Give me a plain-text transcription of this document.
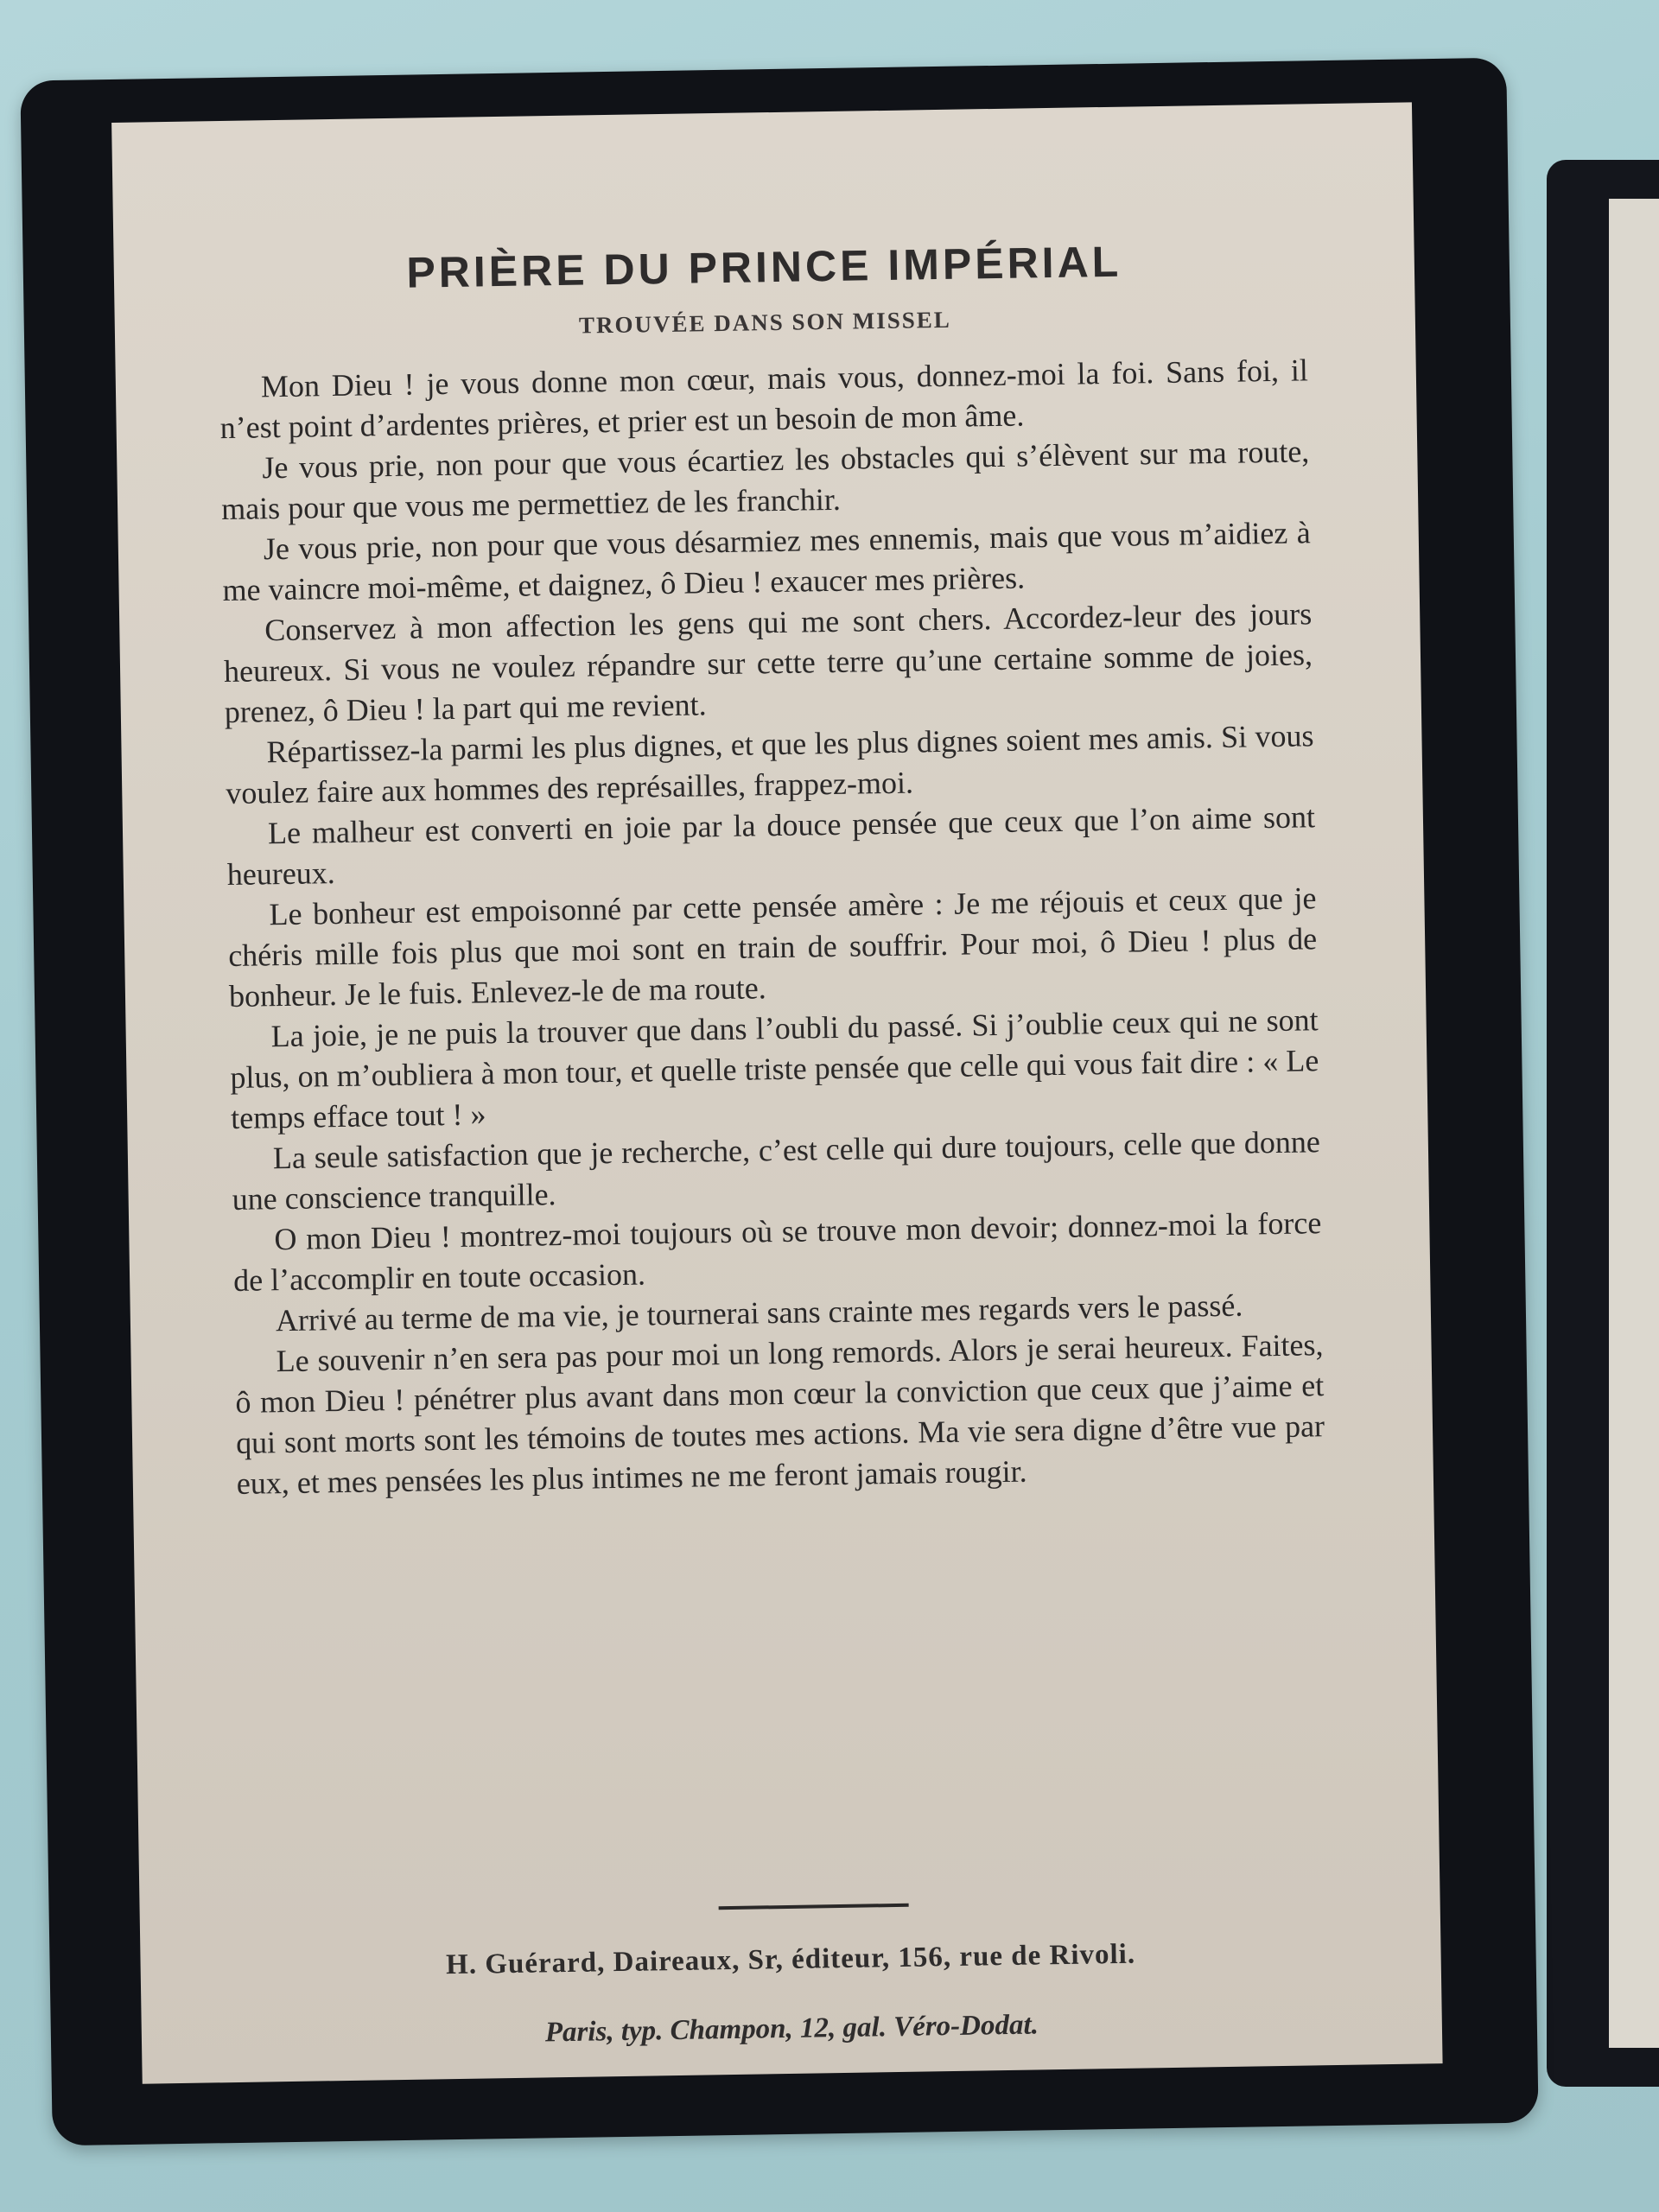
PRIÈRE DU PRINCE IMPÉRIAL
TROUVÉE DANS SON MISSEL

Mon Dieu ! je vous donne mon cœur, mais vous, donnez-moi la foi. Sans foi, il n’est point d’ardentes prières, et prier est un besoin de mon âme.

Je vous prie, non pour que vous écartiez les obstacles qui s’élèvent sur ma route, mais pour que vous me permettiez de les franchir.

Je vous prie, non pour que vous désarmiez mes ennemis, mais que vous m’aidiez à me vaincre moi-même, et daignez, ô Dieu ! exaucer mes prières.

Conservez à mon affection les gens qui me sont chers. Accordez-leur des jours heureux. Si vous ne voulez répandre sur cette terre qu’une certaine somme de joies, prenez, ô Dieu ! la part qui me revient.

Répartissez-la parmi les plus dignes, et que les plus dignes soient mes amis. Si vous voulez faire aux hommes des représailles, frappez-moi.

Le malheur est converti en joie par la douce pensée que ceux que l’on aime sont heureux.

Le bonheur est empoisonné par cette pensée amère : Je me réjouis et ceux que je chéris mille fois plus que moi sont en train de souffrir. Pour moi, ô Dieu ! plus de bonheur. Je le fuis. Enlevez-le de ma route.

La joie, je ne puis la trouver que dans l’oubli du passé. Si j’oublie ceux qui ne sont plus, on m’oubliera à mon tour, et quelle triste pensée que celle qui vous fait dire : « Le temps efface tout ! »

La seule satisfaction que je recherche, c’est celle qui dure toujours, celle que donne une conscience tranquille.

O mon Dieu ! montrez-moi toujours où se trouve mon devoir; donnez-moi la force de l’accomplir en toute occasion.

Arrivé au terme de ma vie, je tournerai sans crainte mes regards vers le passé.

Le souvenir n’en sera pas pour moi un long remords. Alors je serai heureux. Faites, ô mon Dieu ! pénétrer plus avant dans mon cœur la conviction que ceux que j’aime et qui sont morts sont les témoins de toutes mes actions. Ma vie sera digne d’être vue par eux, et mes pensées les plus intimes ne me feront jamais rougir.

H. Guérard, Daireaux, Sr, éditeur, 156, rue de Rivoli.

Paris, typ. Champon, 12, gal. Véro-Dodat.
